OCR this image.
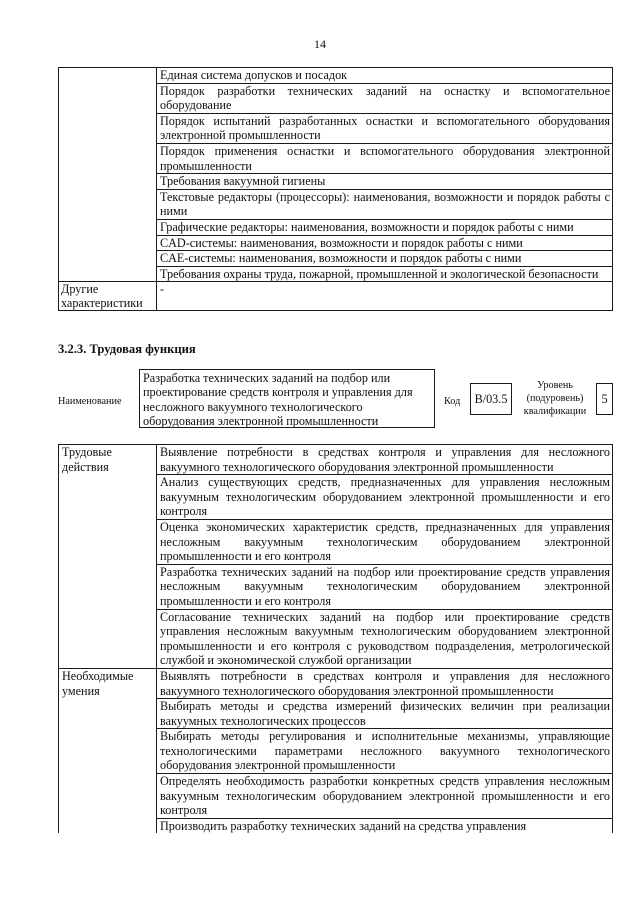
14
	Единая система допусков и посадок
	Порядок разработки технических заданий на оснастку и вспомогательное оборудование
	Порядок испытаний разработанных оснастки и вспомогательного оборудования электронной промышленности
	Порядок применения оснастки и вспомогательного оборудования электронной промышленности
	Требования вакуумной гигиены
	Текстовые редакторы (процессоры): наименования, возможности и порядок работы с ними
	Графические редакторы: наименования, возможности и порядок работы с ними
	CAD-системы: наименования, возможности и порядок работы с ними
	CAE-системы: наименования, возможности и порядок работы с ними
	Требования охраны труда, пожарной, промышленной и экологической безопасности
Другие характеристики	-
3.2.3. Трудовая функция
Наименование
Разработка технических заданий на подбор или проектирование средств контроля и управления для несложного вакуумного технологического оборудования электронной промышленности
Код	B/03.5
Уровень (подуровень) квалификации
5
Трудовые действия	Выявление потребности в средствах контроля и управления для несложного вакуумного технологического оборудования электронной промышленности
	Анализ существующих средств, предназначенных для управления несложным вакуумным технологическим оборудованием электронной промышленности и его контроля
	Оценка экономических характеристик средств, предназначенных для управления несложным вакуумным технологическим оборудованием электронной промышленности и его контроля
	Разработка технических заданий на подбор или проектирование средств управления несложным вакуумным технологическим оборудованием электронной промышленности и его контроля
	Согласование технических заданий на подбор или проектирование средств управления несложным вакуумным технологическим оборудованием электронной промышленности и его контроля с руководством подразделения, метрологической службой и экономической службой организации
Необходимые умения	Выявлять потребности в средствах контроля и управления для несложного вакуумного технологического оборудования электронной промышленности
	Выбирать методы и средства измерений физических величин при реализации вакуумных технологических процессов
	Выбирать методы регулирования и исполнительные механизмы, управляющие технологическими параметрами несложного вакуумного технологического оборудования электронной промышленности
	Определять необходимость разработки конкретных средств управления несложным вакуумным технологическим оборудованием электронной промышленности и его контроля
	Производить разработку технических заданий на средства управления
